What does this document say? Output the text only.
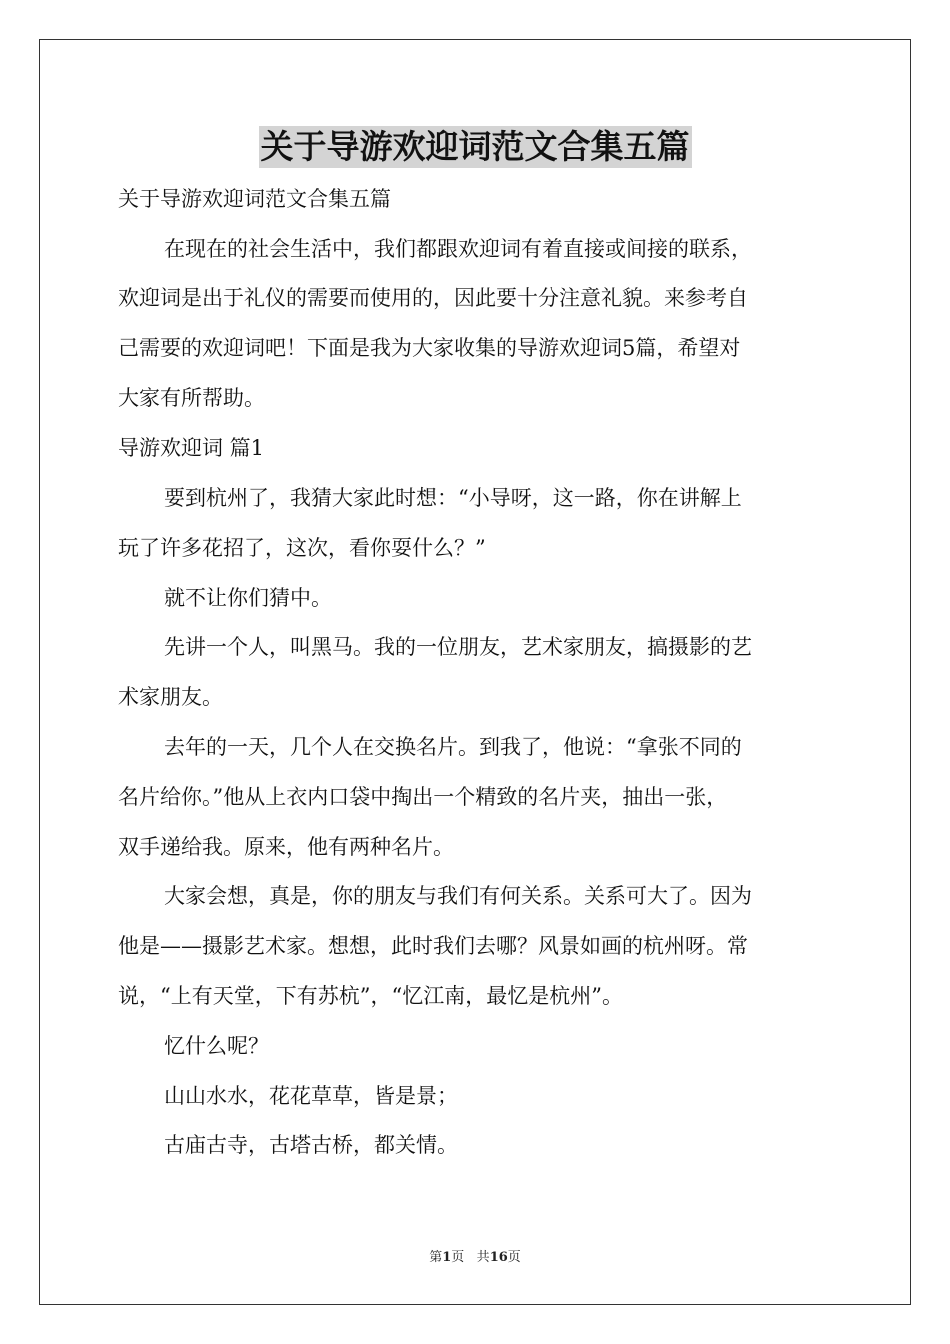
关于导游欢迎词范文合集五篇
关于导游欢迎词范文合集五篇
在现在的社会生活中，我们都跟欢迎词有着直接或间接的联系，
欢迎词是出于礼仪的需要而使用的，因此要十分注意礼貌。来参考自
己需要的欢迎词吧！下面是我为大家收集的导游欢迎词5篇，希望对
大家有所帮助。
导游欢迎词 篇1
要到杭州了，我猜大家此时想：“小导呀，这一路，你在讲解上
玩了许多花招了，这次，看你耍什么？”
就不让你们猜中。
先讲一个人，叫黑马。我的一位朋友，艺术家朋友，搞摄影的艺
术家朋友。
去年的一天，几个人在交换名片。到我了，他说：“拿张不同的
名片给你。”他从上衣内口袋中掏出一个精致的名片夹，抽出一张，
双手递给我。原来，他有两种名片。
大家会想，真是，你的朋友与我们有何关系。关系可大了。因为
他是——摄影艺术家。想想，此时我们去哪？风景如画的杭州呀。常
说，“上有天堂，下有苏杭”，“忆江南，最忆是杭州”。
忆什么呢？
山山水水，花花草草，皆是景；
古庙古寺，古塔古桥，都关情。
第1页 共16页
